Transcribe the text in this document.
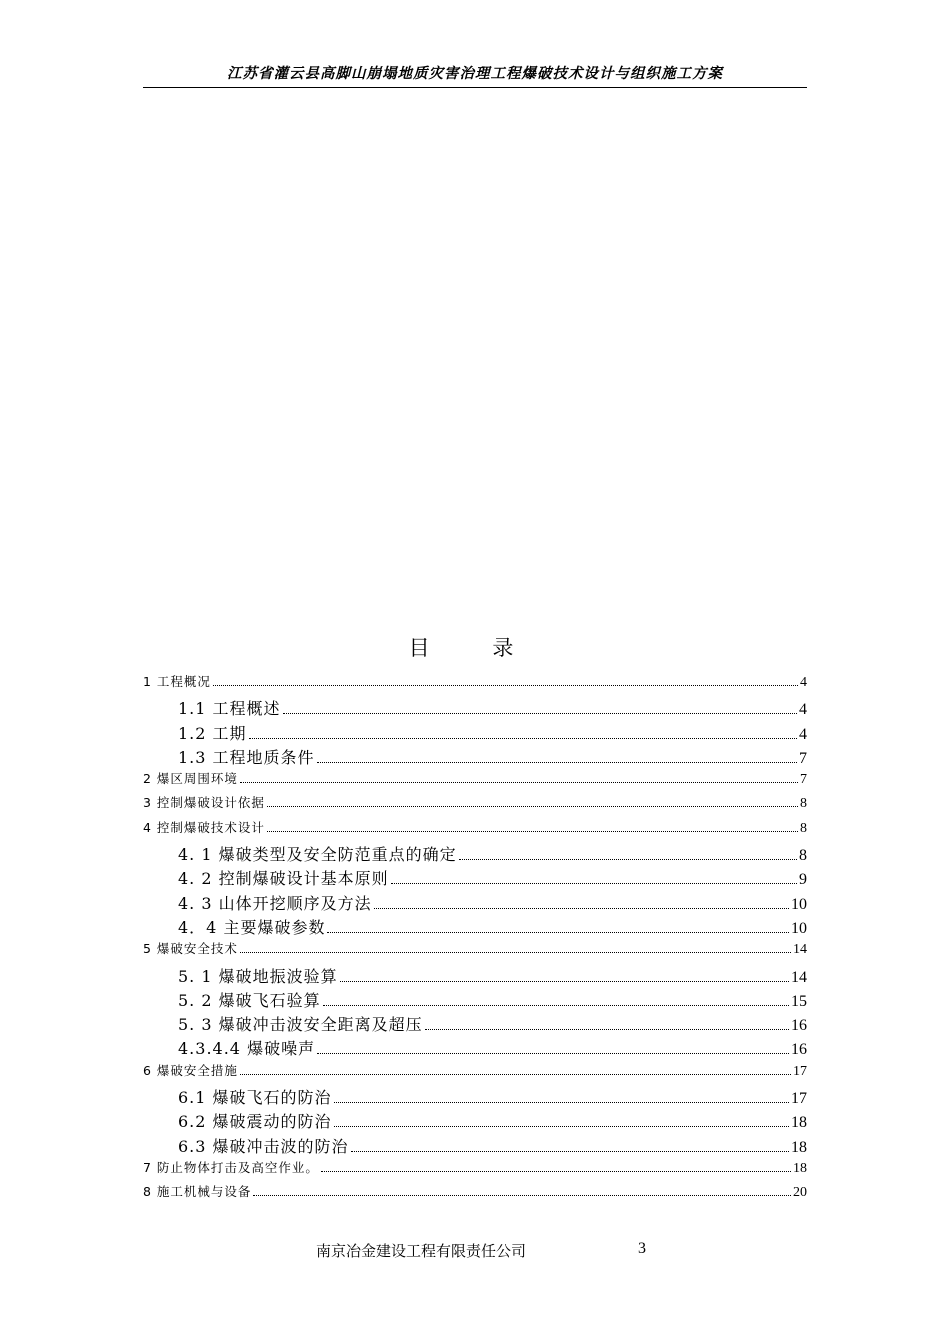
江苏省灌云县高脚山崩塌地质灾害治理工程爆破技术设计与组织施工方案
目 录
1 工程概况	4
1.1 工程概述	4
1.2 工期	4
1.3 工程地质条件	7
2 爆区周围环境	7
3 控制爆破设计依据	8
4 控制爆破技术设计	8
4. 1 爆破类型及安全防范重点的确定	8
4. 2 控制爆破设计基本原则	9
4. 3 山体开挖顺序及方法	10
4．4 主要爆破参数	10
5 爆破安全技术	14
5. 1 爆破地振波验算	14
5. 2 爆破飞石验算	15
5. 3 爆破冲击波安全距离及超压	16
4.3.4.4 爆破噪声	16
6 爆破安全措施	17
6.1 爆破飞石的防治	17
6.2 爆破震动的防治	18
6.3 爆破冲击波的防治	18
7 防止物体打击及高空作业。	18
8 施工机械与设备	20
南京冶金建设工程有限责任公司	3
